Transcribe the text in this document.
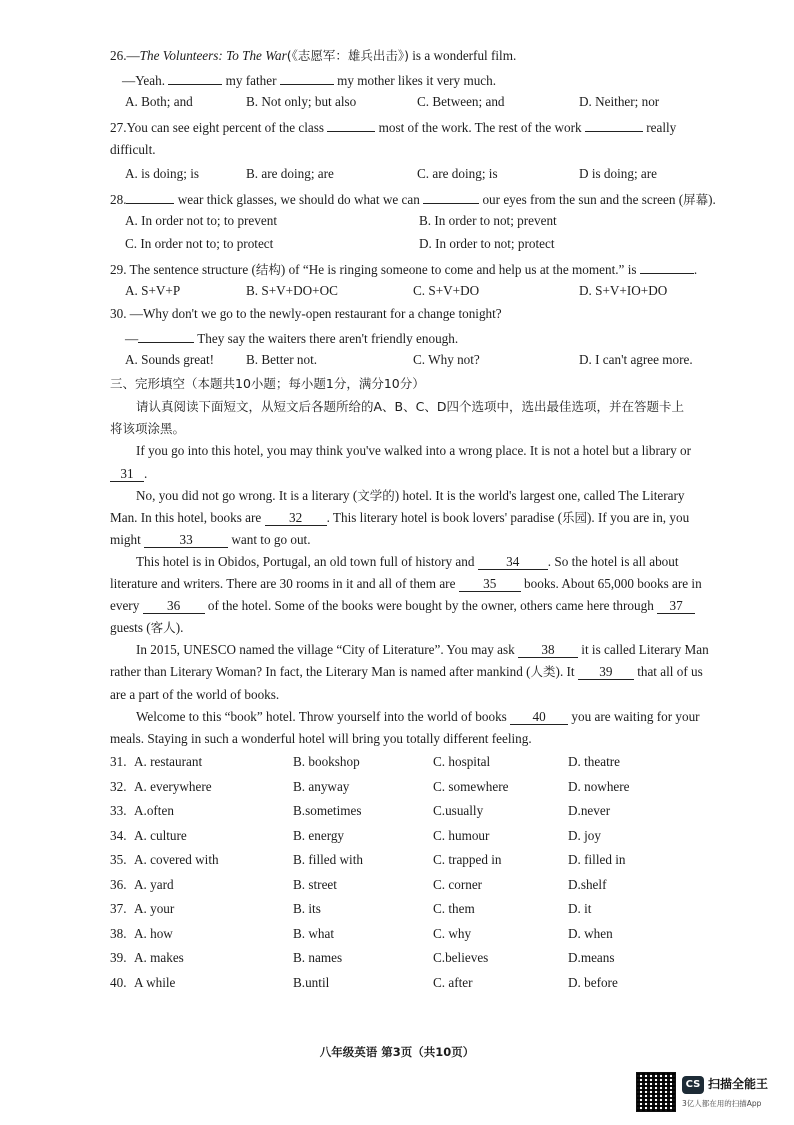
26.—The Volunteers: To The War(《志愿军：雄兵出击》) is a wonderful film.
—Yeah.	my father	my mother likes it very much.
A. Both; and	B. Not only; but also	C. Between; and	D. Neither; nor
27.You can see eight percent of the class	most of the work. The rest of the work	really
difficult.
A. is doing; is	B. are doing; are	C. are doing; is	D is doing; are
28.	wear thick glasses, we should do what we can	our eyes from the sun and the screen (屏幕).
A. In order not to; to prevent	B. In order to not; prevent
C. In order not to; to protect	D. In order to not; protect
29. The sentence structure (结构) of “He is ringing someone to come and help us at the moment.” is	.
A. S+V+P	B. S+V+DO+OC	C. S+V+DO	D. S+V+IO+DO
30. —Why don't we go to the newly-open restaurant for a change tonight?
—	They say the waiters there aren't friendly enough.
A. Sounds great! B. Better not.	C. Why not?	D. I can't agree more.
三、完形填空（本题共10小题；每小题1分，满分10分）
请认真阅读下面短文，从短文后各题所给的A、B、C、D四个选项中，选出最佳选项，并在答题卡上
将该项涂黑。
If you go into this hotel, you may think you've walked into a wrong place. It is not a hotel but a library or
31 .
No, you did not go wrong. It is a literary (文学的) hotel. It is the world's largest one, called The Literary
Man. In this hotel, books are 32 . This literary hotel is book lovers' paradise (乐园). If you are in, you
might	33	want to go out.
This hotel is in Obidos, Portugal, an old town full of history and 34 . So the hotel is all about
literature and writers. There are 30 rooms in it and all of them are 35 books. About 65,000 books are in
every 36 of the hotel. Some of the books were bought by the owner, others came here through 37
guests (客人).
In 2015, UNESCO named the village “City of Literature”. You may ask 38 it is called Literary Man
rather than Literary Woman? In fact, the Literary Man is named after mankind (人类). It 39 that all of us
are a part of the world of books.
Welcome to this “book” hotel. Throw yourself into the world of books 40 you are waiting for your
meals. Staying in such a wonderful hotel will bring you totally different feeling.
31. A. restaurant	B. bookshop	C. hospital	D. theatre
32. A. everywhere	B. anyway	C. somewhere	D. nowhere
33. A.often	B.sometimes	C.usually	D.never
34. A. culture	B. energy	C. humour	D. joy
35. A. covered with	B. filled with	C. trapped in	D. filled in
36. A. yard	B. street	C. corner	D.shelf
37. A. your	B. its	C. them	D. it
38. A. how	B. what	C. why	D. when
39. A. makes	B. names	C.believes	D.means
40. A while	B.until	C. after	D. before
八年级英语 第3页（共10页）
CS 扫描全能王
3亿人都在用的扫描App
